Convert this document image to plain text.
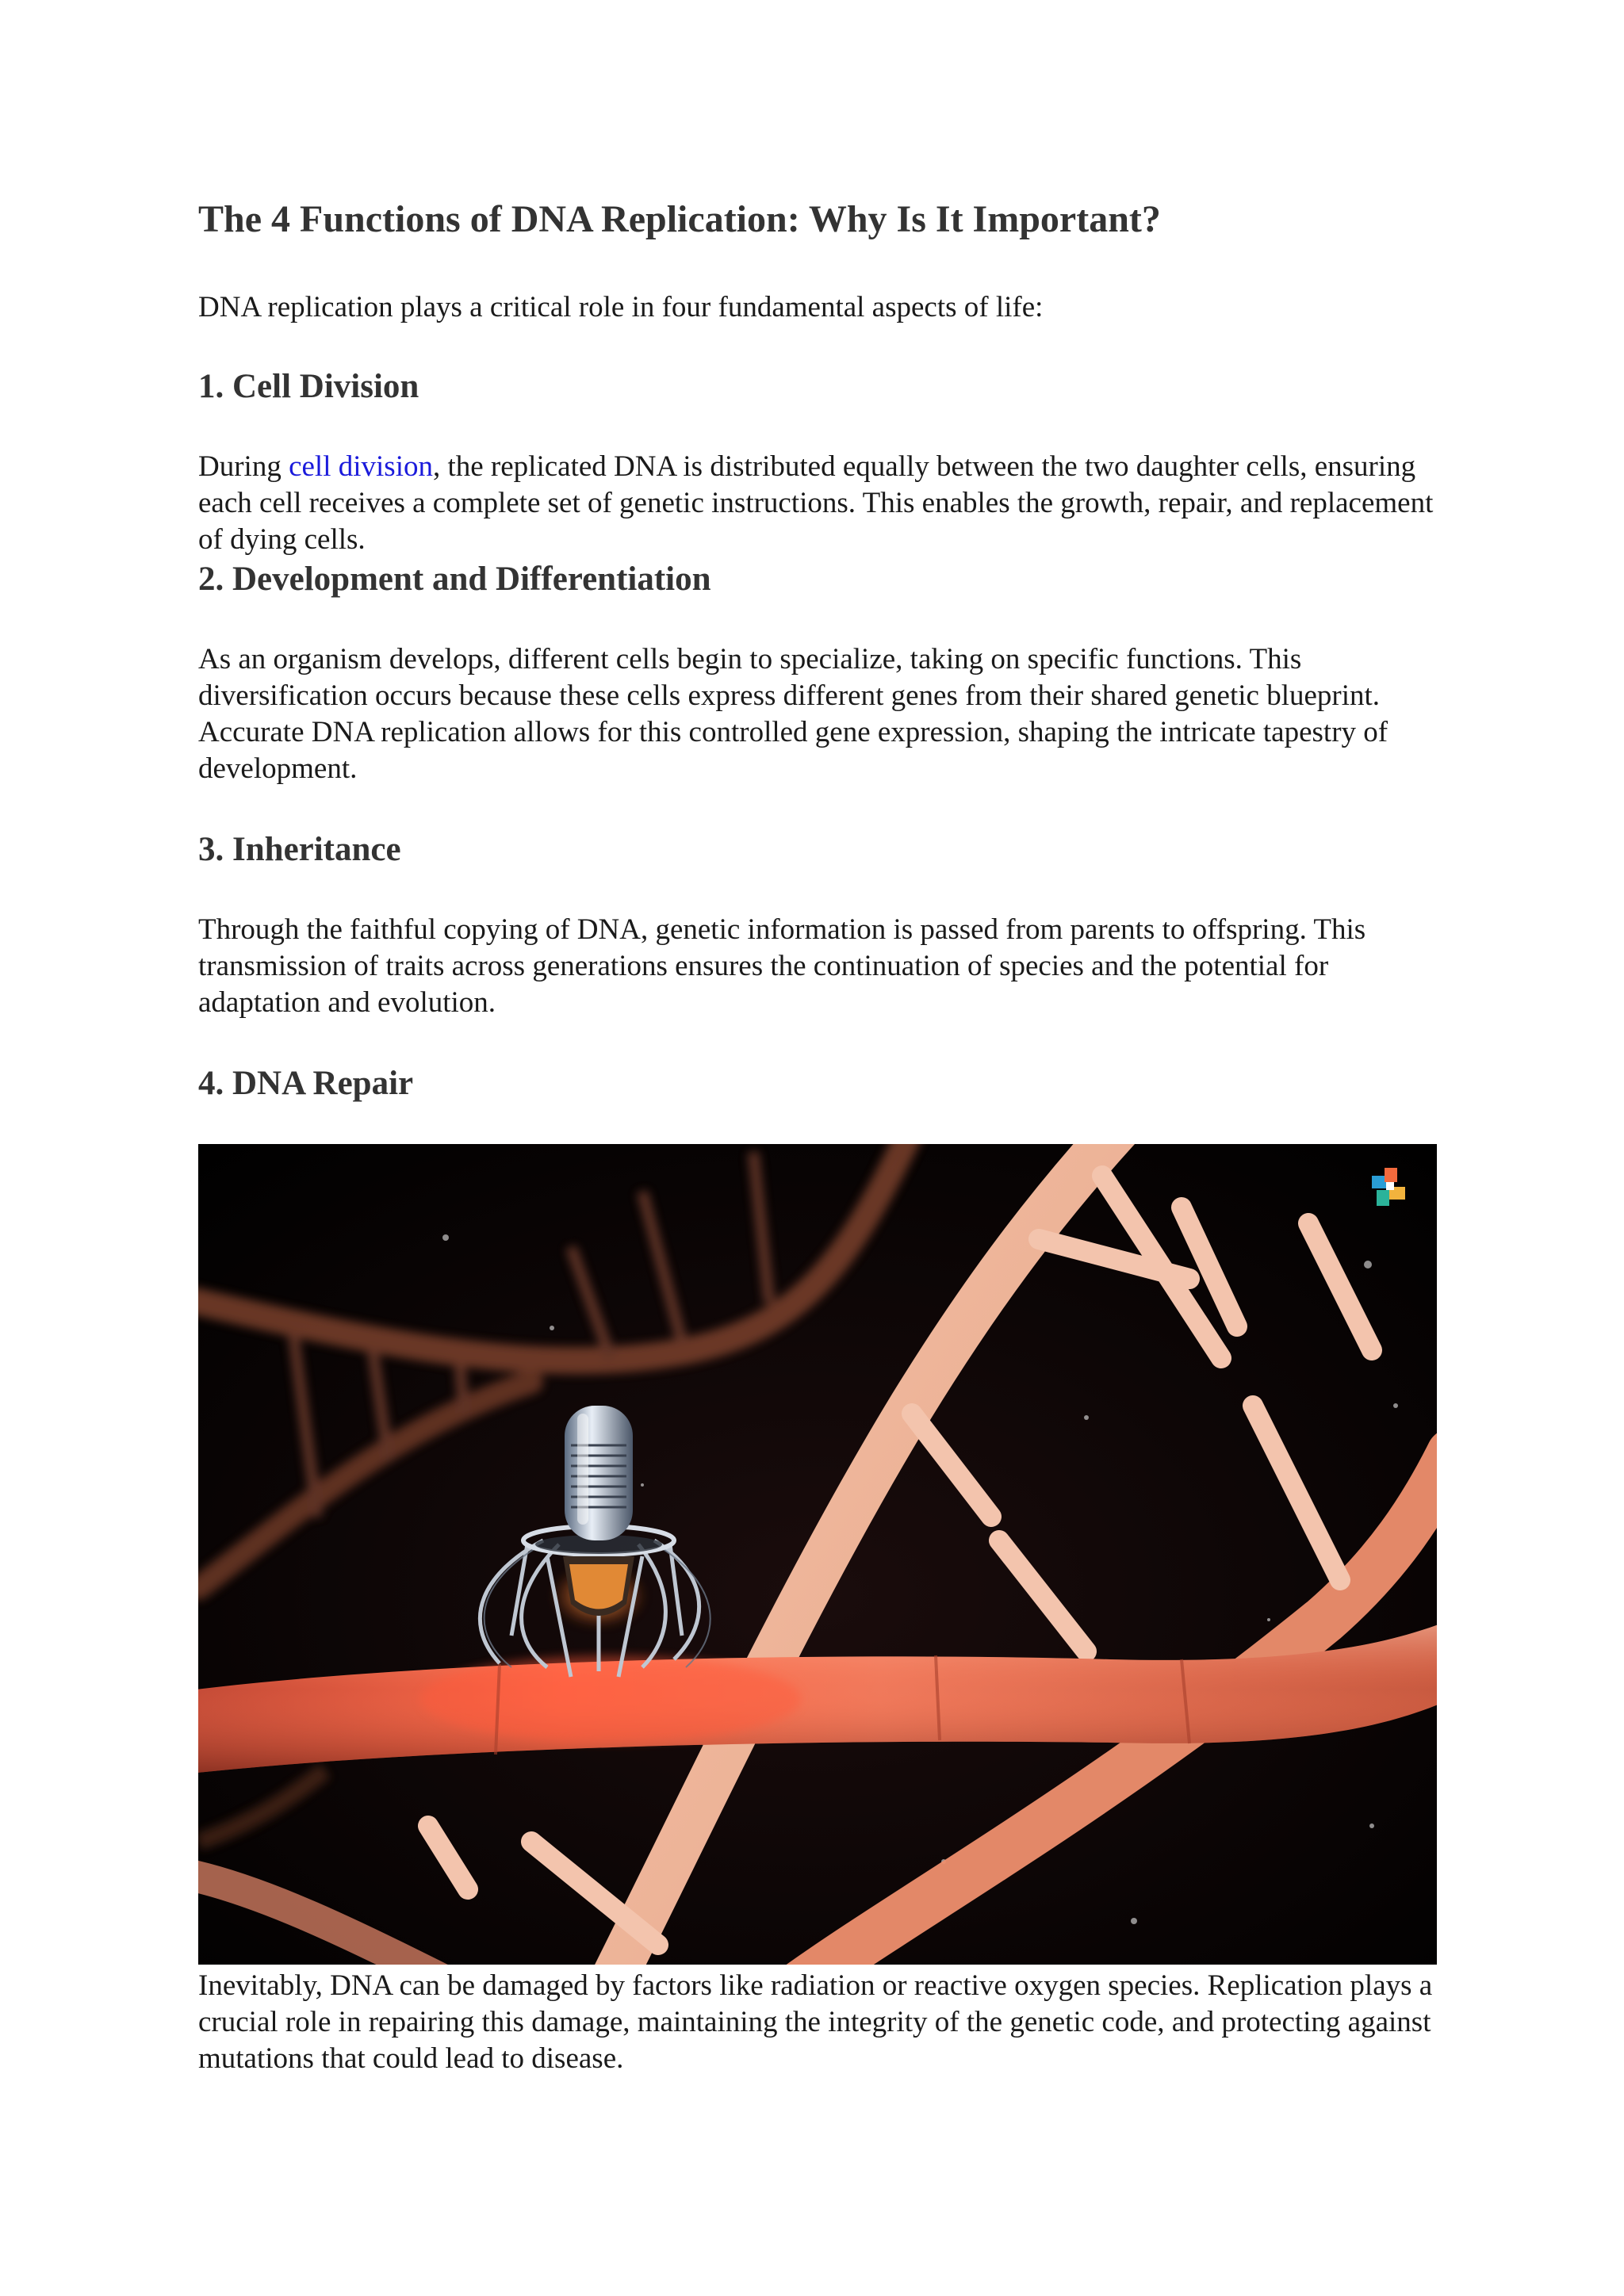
The 4 Functions of DNA Replication: Why Is It Important?

DNA replication plays a critical role in four fundamental aspects of life:

1. Cell Division

During cell division, the replicated DNA is distributed equally between the two daughter cells, ensuring each cell receives a complete set of genetic instructions. This enables the growth, repair, and replacement of dying cells.

2. Development and Differentiation

As an organism develops, different cells begin to specialize, taking on specific functions. This diversification occurs because these cells express different genes from their shared genetic blueprint. Accurate DNA replication allows for this controlled gene expression, shaping the intricate tapestry of development.

3. Inheritance

Through the faithful copying of DNA, genetic information is passed from parents to offspring. This transmission of traits across generations ensures the continuation of species and the potential for adaptation and evolution.

4. DNA Repair

Inevitably, DNA can be damaged by factors like radiation or reactive oxygen species. Replication plays a crucial role in repairing this damage, maintaining the integrity of the genetic code, and protecting against mutations that could lead to disease.
